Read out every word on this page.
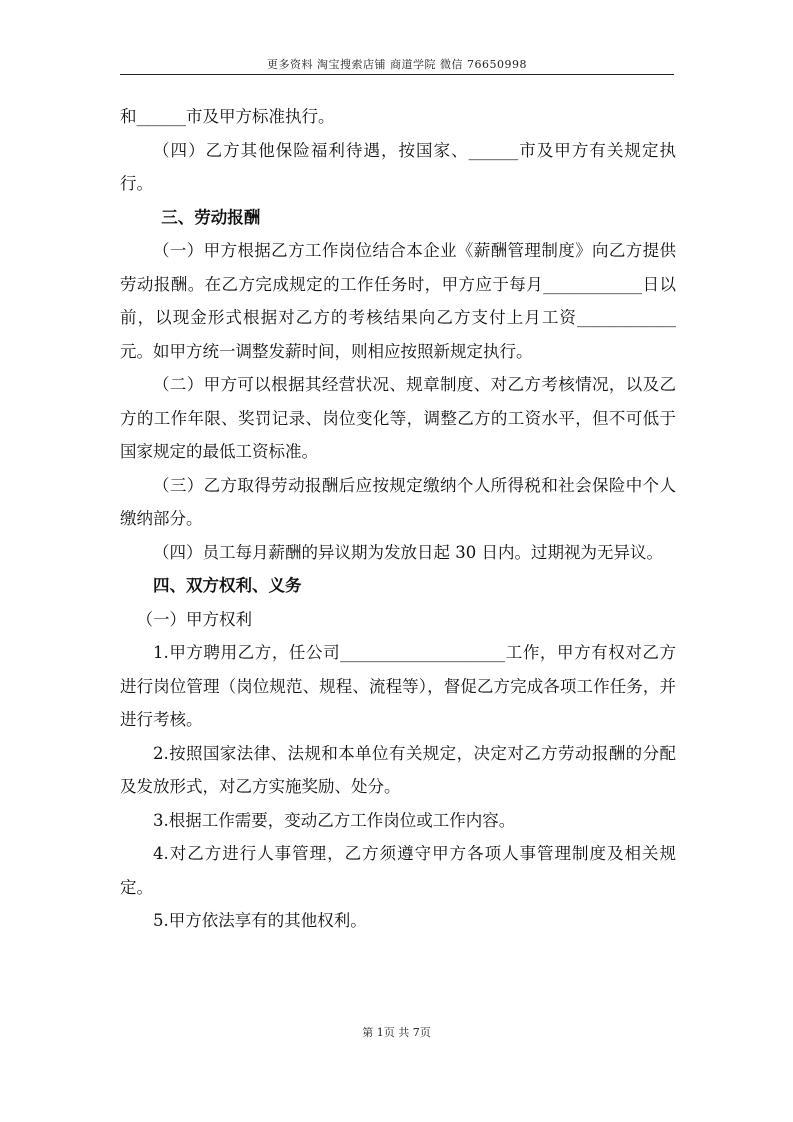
更多资料 淘宝搜索店铺 商道学院 微信 76650998

和______市及甲方标准执行。

（四）乙方其他保险福利待遇，按国家、______市及甲方有关规定执行。

三、劳动报酬

（一）甲方根据乙方工作岗位结合本企业《薪酬管理制度》向乙方提供劳动报酬。在乙方完成规定的工作任务时，甲方应于每月____________日以前，以现金形式根据对乙方的考核结果向乙方支付上月工资____________元。如甲方统一调整发薪时间，则相应按照新规定执行。

（二）甲方可以根据其经营状况、规章制度、对乙方考核情况，以及乙方的工作年限、奖罚记录、岗位变化等，调整乙方的工资水平，但不可低于国家规定的最低工资标准。

（三）乙方取得劳动报酬后应按规定缴纳个人所得税和社会保险中个人缴纳部分。

（四）员工每月薪酬的异议期为发放日起 30 日内。过期视为无异议。

四、双方权利、义务

（一）甲方权利

1.甲方聘用乙方，任公司____________________工作，甲方有权对乙方进行岗位管理（岗位规范、规程、流程等），督促乙方完成各项工作任务，并进行考核。

2.按照国家法律、法规和本单位有关规定，决定对乙方劳动报酬的分配及发放形式，对乙方实施奖励、处分。

3.根据工作需要，变动乙方工作岗位或工作内容。

4.对乙方进行人事管理，乙方须遵守甲方各项人事管理制度及相关规定。

5.甲方依法享有的其他权利。

第 1页 共 7页
